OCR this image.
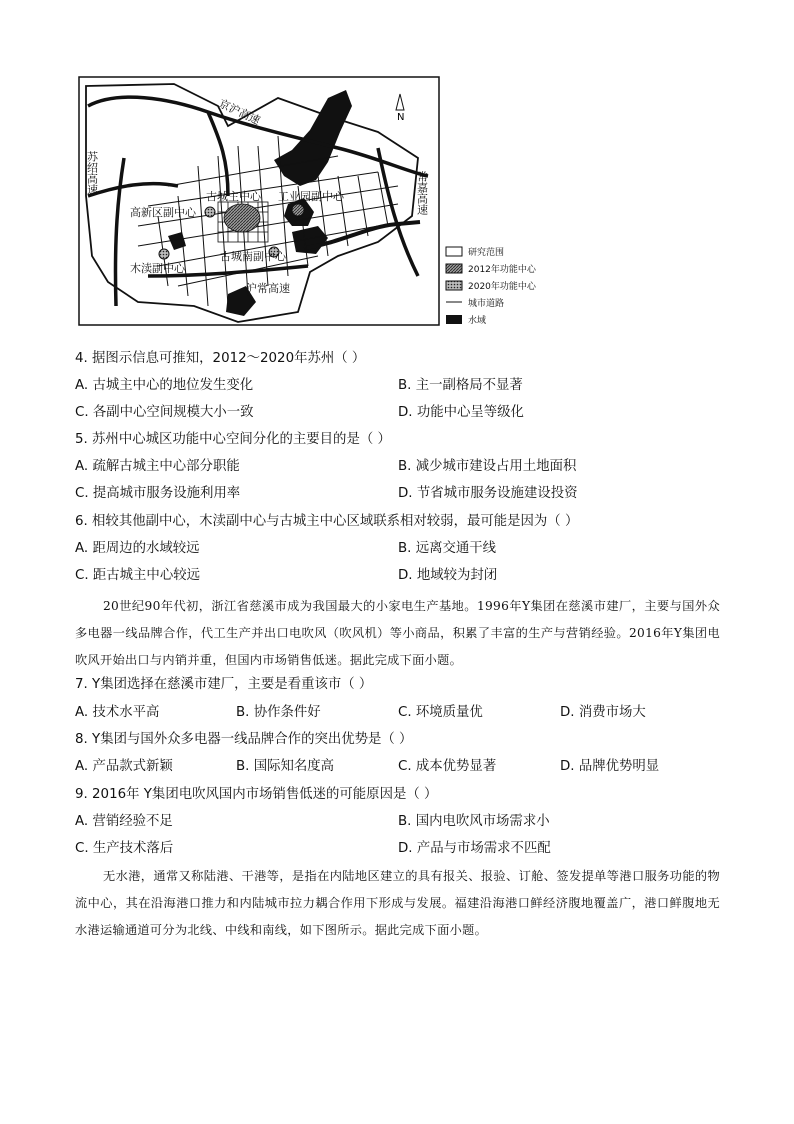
苏绍高速
京沪高速
常嘉高速
沪常高速
古城主中心 工业园副中心
高新区副中心
古城南副中心
木渎副中心
N
研究范围
2012年功能中心
2020年功能中心
城市道路
水域
4. 据图示信息可推知，2012～2020年苏州（ ）
A. 古城主中心的地位发生变化	B. 主一副格局不显著
C. 各副中心空间规模大小一致	D. 功能中心呈等级化
5. 苏州中心城区功能中心空间分化的主要目的是（ ）
A. 疏解古城主中心部分职能	B. 减少城市建设占用土地面积
C. 提高城市服务设施利用率	D. 节省城市服务设施建设投资
6. 相较其他副中心，木渎副中心与古城主中心区域联系相对较弱，最可能是因为（ ）
A. 距周边的水域较远	B. 远离交通干线
C. 距古城主中心较远	D. 地域较为封闭
20世纪90年代初，浙江省慈溪市成为我国最大的小家电生产基地。1996年Y集团在慈溪市建厂，主要与国外众多电器一线品牌合作，代工生产并出口电吹风（吹风机）等小商品，积累了丰富的生产与营销经验。2016年Y集团电吹风开始出口与内销并重，但国内市场销售低迷。据此完成下面小题。
7. Y集团选择在慈溪市建厂，主要是看重该市（ ）
A. 技术水平高	B. 协作条件好	C. 环境质量优	D. 消费市场大
8. Y集团与国外众多电器一线品牌合作的突出优势是（ ）
A. 产品款式新颖	B. 国际知名度高	C. 成本优势显著	D. 品牌优势明显
9. 2016年 Y集团电吹风国内市场销售低迷的可能原因是（ ）
A. 营销经验不足	B. 国内电吹风市场需求小
C. 生产技术落后	D. 产品与市场需求不匹配
无水港，通常又称陆港、干港等，是指在内陆地区建立的具有报关、报验、订舱、签发提单等港口服务功能的物流中心，其在沿海港口推力和内陆城市拉力耦合作用下形成与发展。福建沿海港口鲜经济腹地覆盖广，港口鲜腹地无水港运输通道可分为北线、中线和南线，如下图所示。据此完成下面小题。
